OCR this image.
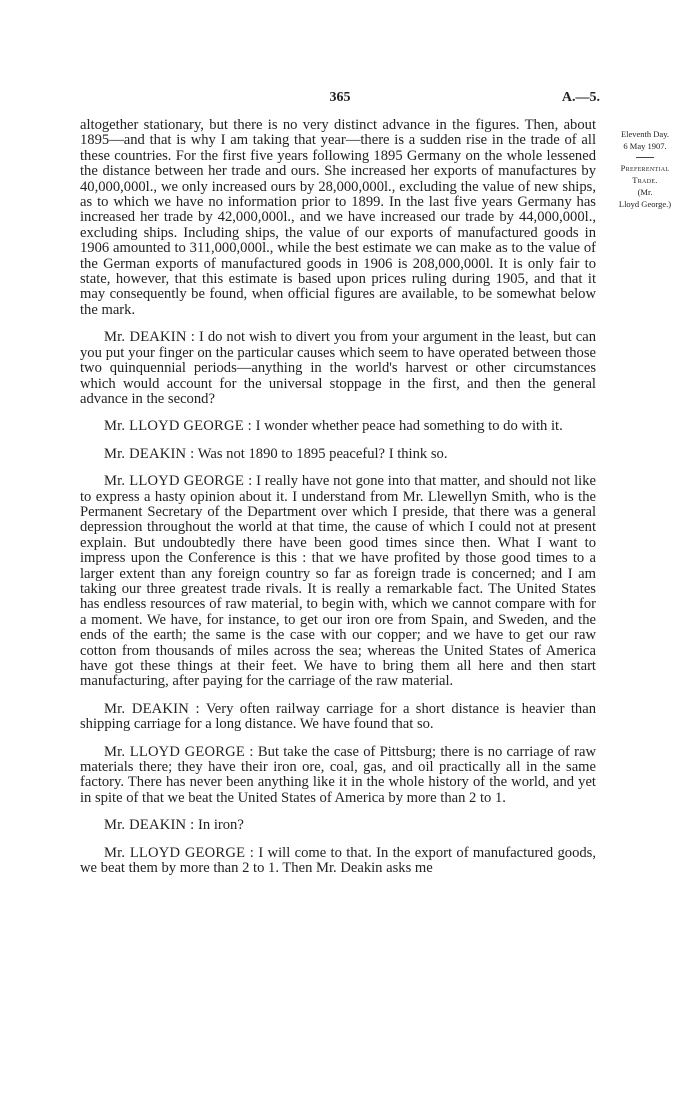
365	A.—5.
Eleventh Day.
6 May 1907.
Preferential
Trade.
(Mr.
Lloyd George.)

altogether stationary, but there is no very distinct advance in the figures. Then, about 1895—and that is why I am taking that year—there is a sudden rise in the trade of all these countries. For the first five years following 1895 Germany on the whole lessened the distance between her trade and ours. She increased her exports of manufactures by 40,000,000l., we only increased ours by 28,000,000l., excluding the value of new ships, as to which we have no information prior to 1899. In the last five years Germany has increased her trade by 42,000,000l., and we have increased our trade by 44,000,000l., excluding ships. Including ships, the value of our exports of manufactured goods in 1906 amounted to 311,000,000l., while the best estimate we can make as to the value of the German exports of manufactured goods in 1906 is 208,000,000l. It is only fair to state, however, that this estimate is based upon prices ruling during 1905, and that it may consequently be found, when official figures are available, to be somewhat below the mark.

Mr. DEAKIN : I do not wish to divert you from your argument in the least, but can you put your finger on the particular causes which seem to have operated between those two quinquennial periods—anything in the world's harvest or other circumstances which would account for the universal stoppage in the first, and then the general advance in the second?

Mr. LLOYD GEORGE : I wonder whether peace had something to do with it.

Mr. DEAKIN : Was not 1890 to 1895 peaceful? I think so.

Mr. LLOYD GEORGE : I really have not gone into that matter, and should not like to express a hasty opinion about it. I understand from Mr. Llewellyn Smith, who is the Permanent Secretary of the Department over which I preside, that there was a general depression throughout the world at that time, the cause of which I could not at present explain. But undoubtedly there have been good times since then. What I want to impress upon the Conference is this : that we have profited by those good times to a larger extent than any foreign country so far as foreign trade is concerned; and I am taking our three greatest trade rivals. It is really a remarkable fact. The United States has endless resources of raw material, to begin with, which we cannot compare with for a moment. We have, for instance, to get our iron ore from Spain, and Sweden, and the ends of the earth; the same is the case with our copper; and we have to get our raw cotton from thousands of miles across the sea; whereas the United States of America have got these things at their feet. We have to bring them all here and then start manufacturing, after paying for the carriage of the raw material.

Mr. DEAKIN : Very often railway carriage for a short distance is heavier than shipping carriage for a long distance. We have found that so.

Mr. LLOYD GEORGE : But take the case of Pittsburg; there is no carriage of raw materials there; they have their iron ore, coal, gas, and oil practically all in the same factory. There has never been anything like it in the whole history of the world, and yet in spite of that we beat the United States of America by more than 2 to 1.

Mr. DEAKIN : In iron?

Mr. LLOYD GEORGE : I will come to that. In the export of manufactured goods, we beat them by more than 2 to 1. Then Mr. Deakin asks me
